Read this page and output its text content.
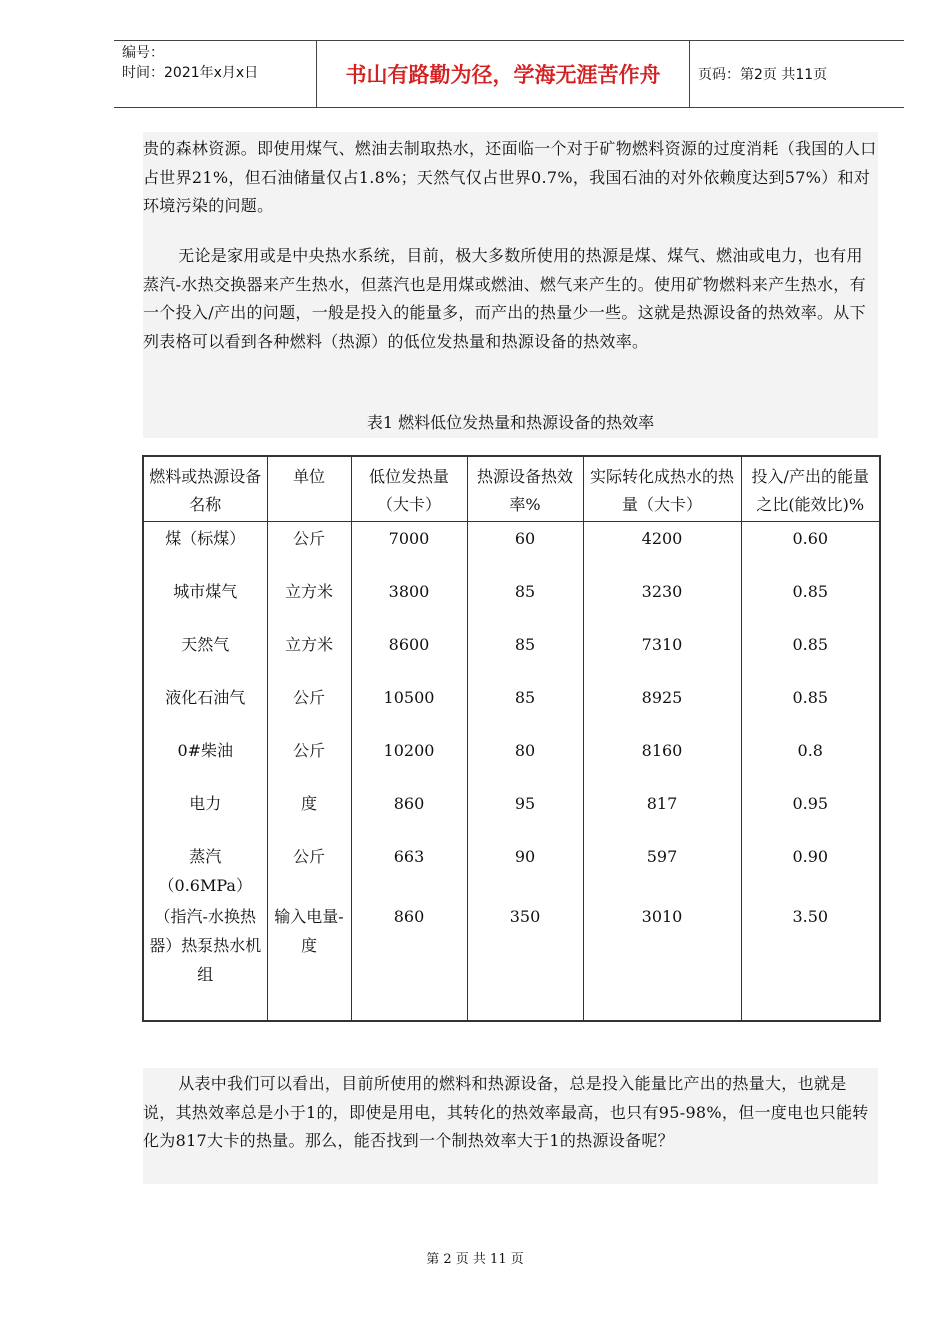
编号：
时间：2021年x月x日	书山有路勤为径，学海无涯苦作舟	页码：第2页 共11页
贵的森林资源。即使用煤气、燃油去制取热水，还面临一个对于矿物燃料资源的过度消耗（我国的人口占世界21%，但石油储量仅占1.8%；天然气仅占世界0.7%，我国石油的对外依赖度达到57%）和对环境污染的问题。
无论是家用或是中央热水系统，目前，极大多数所使用的热源是煤、煤气、燃油或电力，也有用蒸汽-水热交换器来产生热水，但蒸汽也是用煤或燃油、燃气来产生的。使用矿物燃料来产生热水，有一个投入/产出的问题，一般是投入的能量多，而产出的热量少一些。这就是热源设备的热效率。从下列表格可以看到各种燃料（热源）的低位发热量和热源设备的热效率。
表1 燃料低位发热量和热源设备的热效率
燃料或热源设备名称	单位	低位发热量（大卡）	热源设备热效率%	实际转化成热水的热量（大卡）	投入/产出的能量之比(能效比)%
煤（标煤）	公斤	7000	60	4200	0.60
城市煤气	立方米	3800	85	3230	0.85
天然气	立方米	8600	85	7310	0.85
液化石油气	公斤	10500	85	8925	0.85
0#柴油	公斤	10200	80	8160	0.8
电力	度	860	95	817	0.95
蒸汽（0.6MPa）	公斤	663	90	597	0.90
（指汽-水换热器）热泵热水机组	输入电量-度	860	350	3010	3.50
从表中我们可以看出，目前所使用的燃料和热源设备，总是投入能量比产出的热量大，也就是说，其热效率总是小于1的，即使是用电，其转化的热效率最高，也只有95-98%，但一度电也只能转化为817大卡的热量。那么，能否找到一个制热效率大于1的热源设备呢？
第 2 页 共 11 页
